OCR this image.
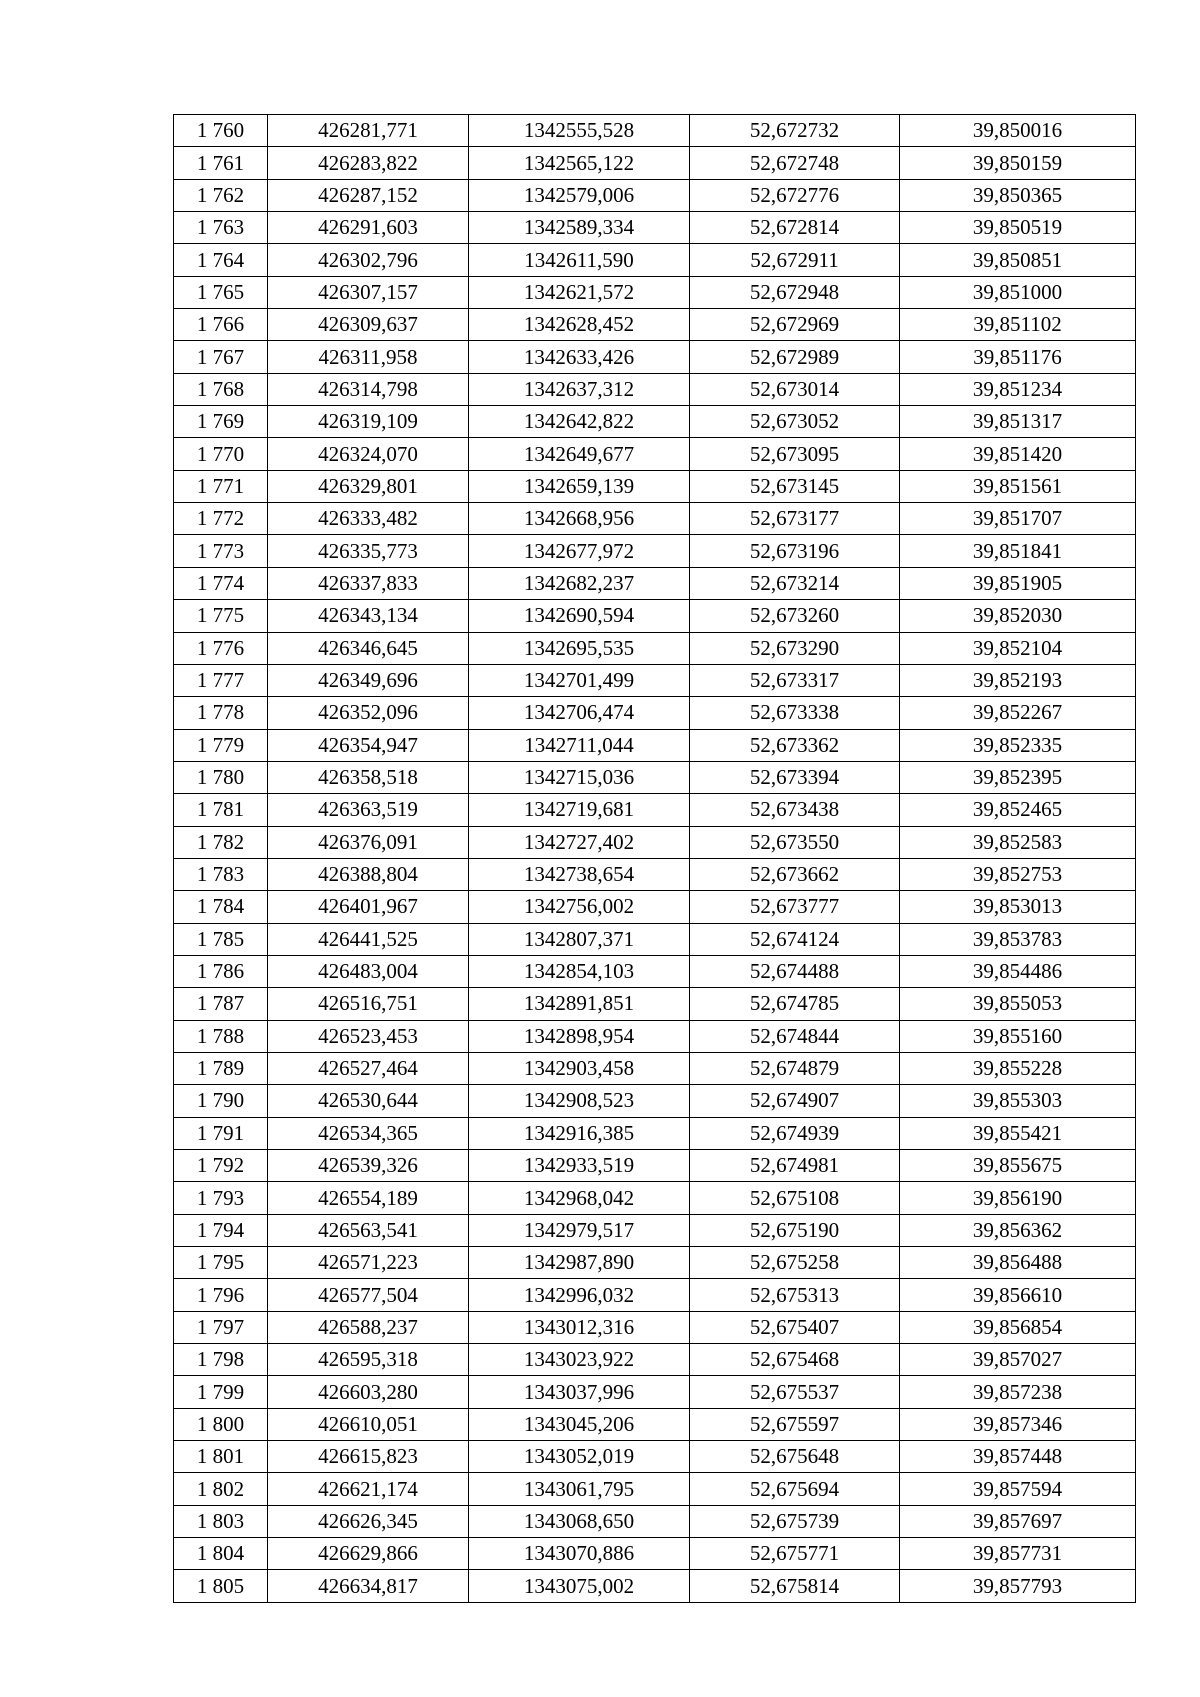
1 760	426281,771	1342555,528	52,672732	39,850016
1 761	426283,822	1342565,122	52,672748	39,850159
1 762	426287,152	1342579,006	52,672776	39,850365
1 763	426291,603	1342589,334	52,672814	39,850519
1 764	426302,796	1342611,590	52,672911	39,850851
1 765	426307,157	1342621,572	52,672948	39,851000
1 766	426309,637	1342628,452	52,672969	39,851102
1 767	426311,958	1342633,426	52,672989	39,851176
1 768	426314,798	1342637,312	52,673014	39,851234
1 769	426319,109	1342642,822	52,673052	39,851317
1 770	426324,070	1342649,677	52,673095	39,851420
1 771	426329,801	1342659,139	52,673145	39,851561
1 772	426333,482	1342668,956	52,673177	39,851707
1 773	426335,773	1342677,972	52,673196	39,851841
1 774	426337,833	1342682,237	52,673214	39,851905
1 775	426343,134	1342690,594	52,673260	39,852030
1 776	426346,645	1342695,535	52,673290	39,852104
1 777	426349,696	1342701,499	52,673317	39,852193
1 778	426352,096	1342706,474	52,673338	39,852267
1 779	426354,947	1342711,044	52,673362	39,852335
1 780	426358,518	1342715,036	52,673394	39,852395
1 781	426363,519	1342719,681	52,673438	39,852465
1 782	426376,091	1342727,402	52,673550	39,852583
1 783	426388,804	1342738,654	52,673662	39,852753
1 784	426401,967	1342756,002	52,673777	39,853013
1 785	426441,525	1342807,371	52,674124	39,853783
1 786	426483,004	1342854,103	52,674488	39,854486
1 787	426516,751	1342891,851	52,674785	39,855053
1 788	426523,453	1342898,954	52,674844	39,855160
1 789	426527,464	1342903,458	52,674879	39,855228
1 790	426530,644	1342908,523	52,674907	39,855303
1 791	426534,365	1342916,385	52,674939	39,855421
1 792	426539,326	1342933,519	52,674981	39,855675
1 793	426554,189	1342968,042	52,675108	39,856190
1 794	426563,541	1342979,517	52,675190	39,856362
1 795	426571,223	1342987,890	52,675258	39,856488
1 796	426577,504	1342996,032	52,675313	39,856610
1 797	426588,237	1343012,316	52,675407	39,856854
1 798	426595,318	1343023,922	52,675468	39,857027
1 799	426603,280	1343037,996	52,675537	39,857238
1 800	426610,051	1343045,206	52,675597	39,857346
1 801	426615,823	1343052,019	52,675648	39,857448
1 802	426621,174	1343061,795	52,675694	39,857594
1 803	426626,345	1343068,650	52,675739	39,857697
1 804	426629,866	1343070,886	52,675771	39,857731
1 805	426634,817	1343075,002	52,675814	39,857793
